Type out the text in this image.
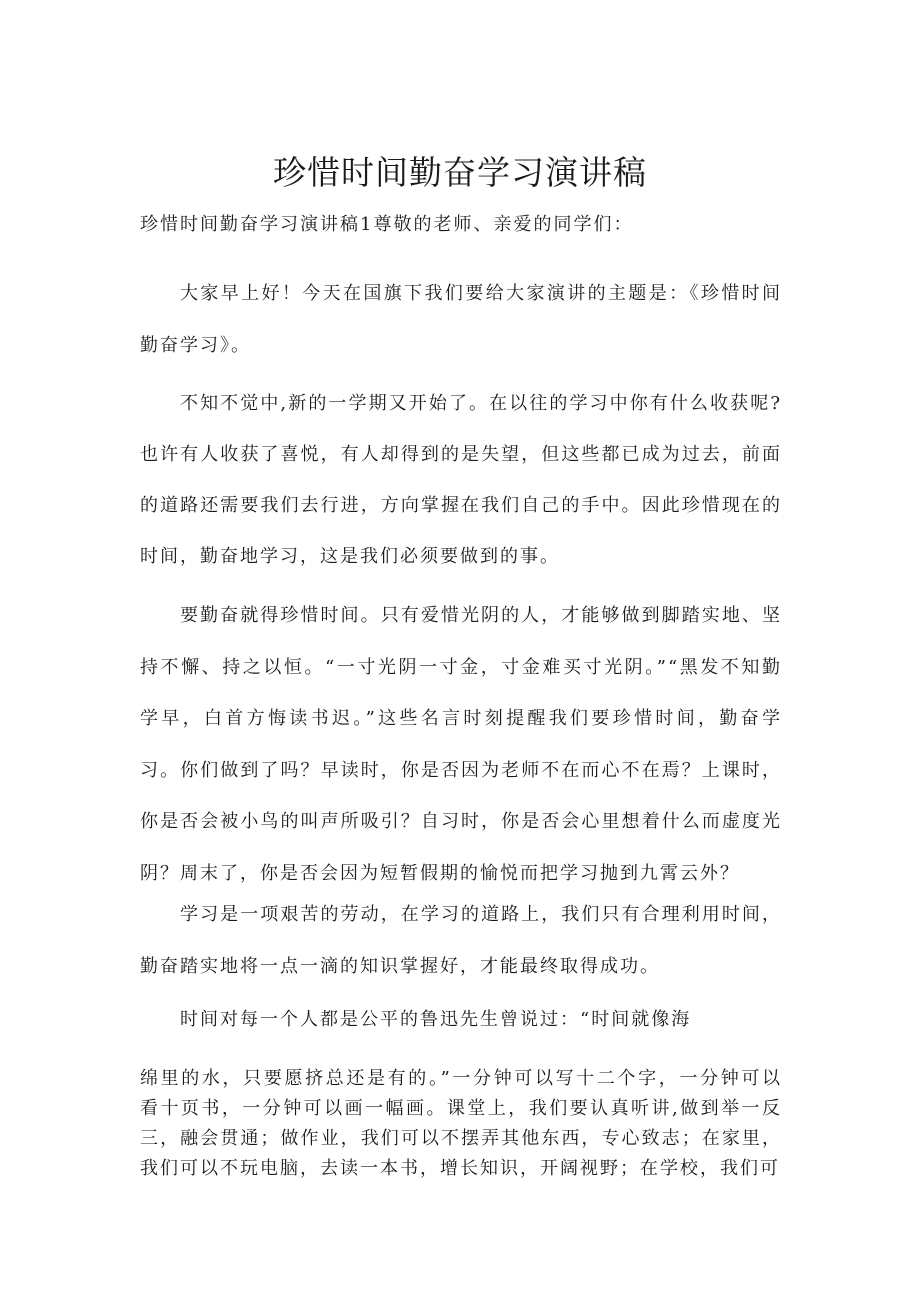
珍惜时间勤奋学习演讲稿

珍惜时间勤奋学习演讲稿1尊敬的老师、亲爱的同学们：

大家早上好！今天在国旗下我们要给大家演讲的主题是：《珍惜时间勤奋学习》。

不知不觉中,新的一学期又开始了。在以往的学习中你有什么收获呢?也许有人收获了喜悦，有人却得到的是失望，但这些都已成为过去，前面的道路还需要我们去行进，方向掌握在我们自己的手中。因此珍惜现在的时间，勤奋地学习，这是我们必须要做到的事。

要勤奋就得珍惜时间。只有爱惜光阴的人，才能够做到脚踏实地、坚持不懈、持之以恒。“一寸光阴一寸金，寸金难买寸光阴。”“黑发不知勤学早，白首方悔读书迟。”这些名言时刻提醒我们要珍惜时间，勤奋学习。你们做到了吗？早读时，你是否因为老师不在而心不在焉？上课时，你是否会被小鸟的叫声所吸引？自习时，你是否会心里想着什么而虚度光阴？周末了，你是否会因为短暂假期的愉悦而把学习抛到九霄云外？

学习是一项艰苦的劳动，在学习的道路上，我们只有合理利用时间，勤奋踏实地将一点一滴的知识掌握好，才能最终取得成功。

时间对每一个人都是公平的鲁迅先生曾说过：“时间就像海

绵里的水，只要愿挤总还是有的。”一分钟可以写十二个字，一分钟可以看十页书，一分钟可以画一幅画。课堂上，我们要认真听讲,做到举一反三，融会贯通；做作业，我们可以不摆弄其他东西，专心致志；在家里，我们可以不玩电脑，去读一本书，增长知识，开阔视野；在学校，我们可
